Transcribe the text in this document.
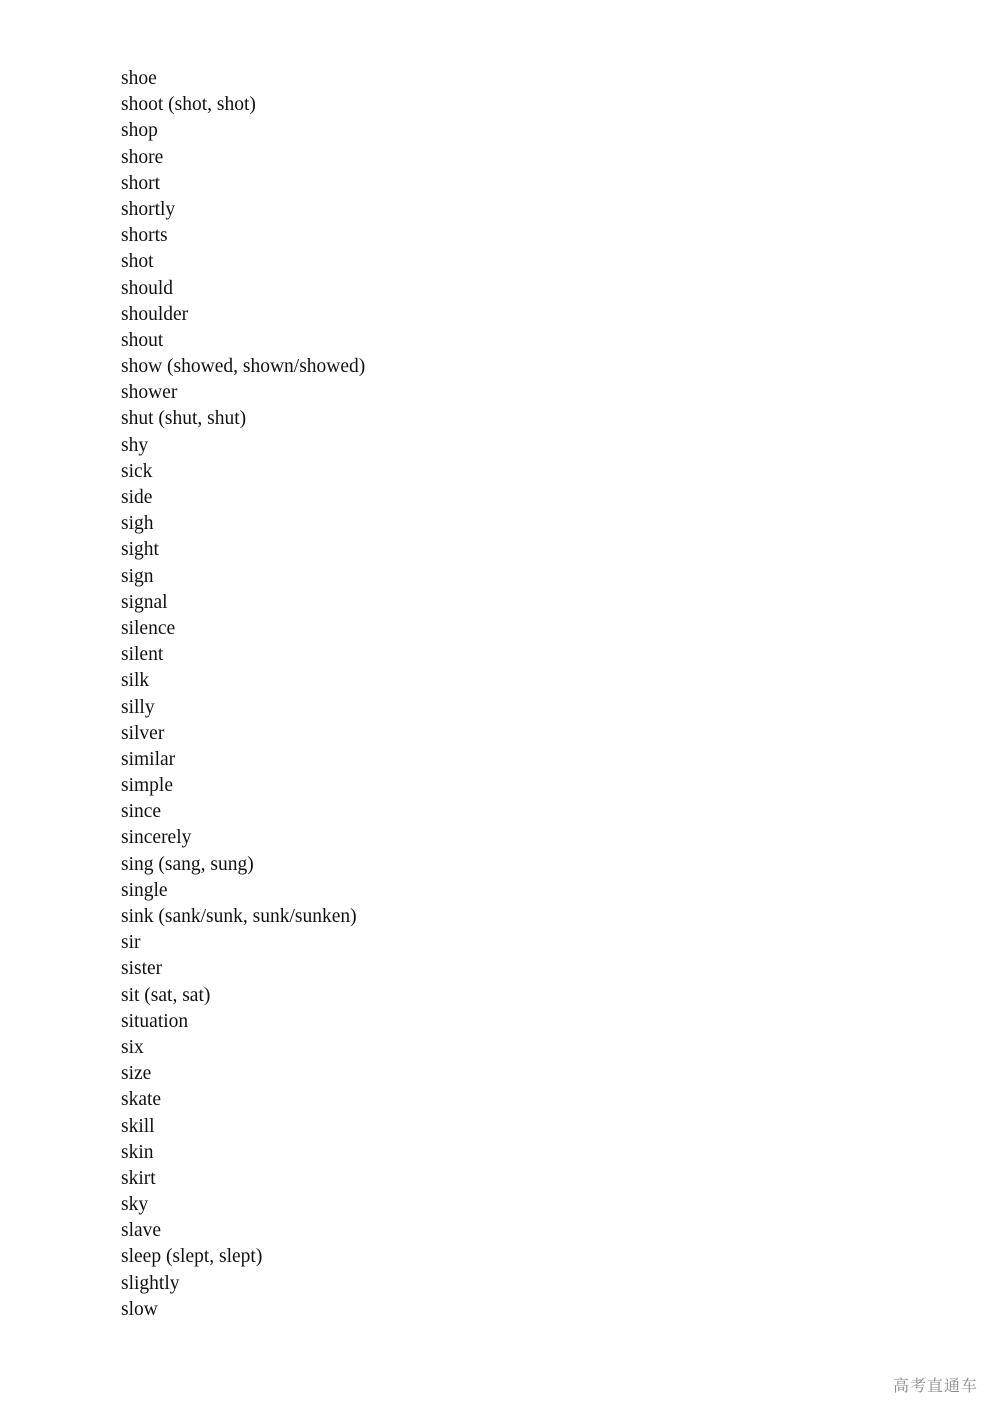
shoe
shoot (shot, shot)
shop
shore
short
shortly
shorts
shot
should
shoulder
shout
show (showed, shown/showed)
shower
shut (shut, shut)
shy
sick
side
sigh
sight
sign
signal
silence
silent
silk
silly
silver
similar
simple
since
sincerely
sing (sang, sung)
single
sink (sank/sunk, sunk/sunken)
sir
sister
sit (sat, sat)
situation
six
size
skate
skill
skin
skirt
sky
slave
sleep (slept, slept)
slightly
slow
高考直通车
